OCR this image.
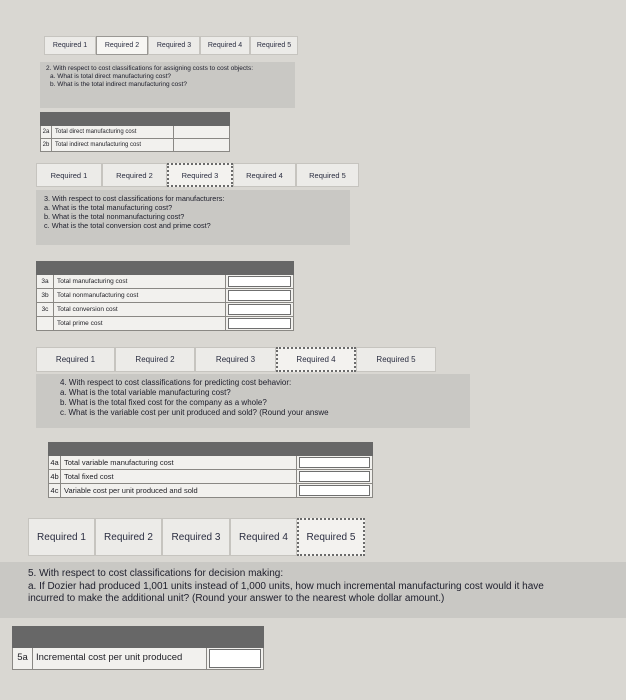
Required 1	Required 2	Required 3	Required 4	Required 5
2. With respect to cost classifications for assigning costs to cost objects:
a. What is total direct manufacturing cost?
b. What is the total indirect manufacturing cost?
2a Total direct manufacturing cost
2b Total indirect manufacturing cost
Required 1	Required 2	Required 3	Required 4	Required 5
3. With respect to cost classifications for manufacturers:
a. What is the total manufacturing cost?
b. What is the total nonmanufacturing cost?
c. What is the total conversion cost and prime cost?
3a	Total manufacturing cost
3b	Total nonmanufacturing cost
3c	Total conversion cost
Total prime cost
Required 1	Required 2	Required 3	Required 4	Required 5
4. With respect to cost classifications for predicting cost behavior:
a. What is the total variable manufacturing cost?
b. What is the total fixed cost for the company as a whole?
c. What is the variable cost per unit produced and sold? (Round your answe
4a Total variable manufacturing cost
4b Total fixed cost
4c Variable cost per unit produced and sold
Required 1	Required 2	Required 3	Required 4	Required 5
5. With respect to cost classifications for decision making:
a. If Dozier had produced 1,001 units instead of 1,000 units, how much incremental manufacturing cost would it have
incurred to make the additional unit? (Round your answer to the nearest whole dollar amount.)
5a Incremental cost per unit produced
